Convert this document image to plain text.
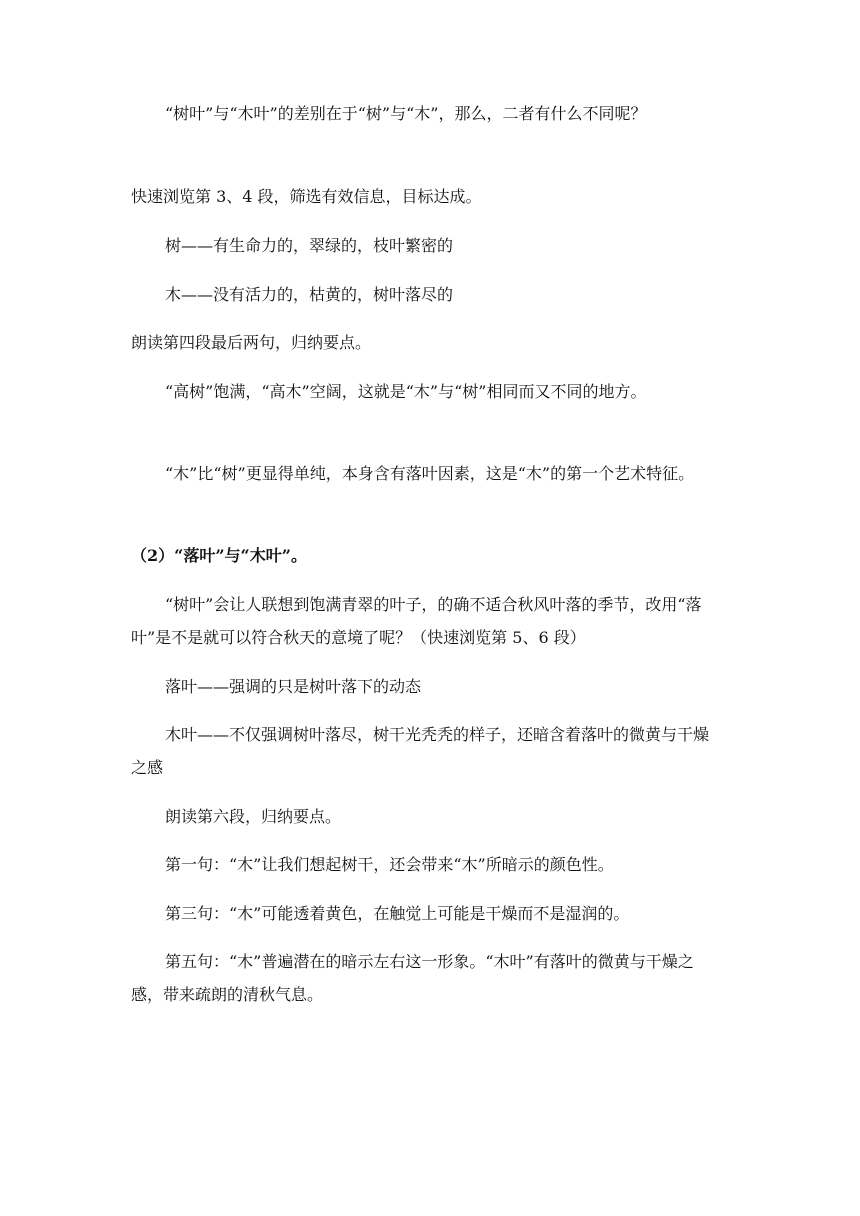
“树叶”与“木叶”的差别在于“树”与“木”，那么，二者有什么不同呢？

快速浏览第 3、4 段，筛选有效信息，目标达成。

树——有生命力的，翠绿的，枝叶繁密的

木——没有活力的，枯黄的，树叶落尽的

朗读第四段最后两句，归纳要点。

“高树”饱满，“高木”空阔，这就是“木”与“树”相同而又不同的地方。

“木”比“树”更显得单纯，本身含有落叶因素，这是“木”的第一个艺术特征。

（2）“落叶”与“木叶”。

“树叶”会让人联想到饱满青翠的叶子，的确不适合秋风叶落的季节，改用“落叶”是不是就可以符合秋天的意境了呢？（快速浏览第 5、6 段）

落叶——强调的只是树叶落下的动态

木叶——不仅强调树叶落尽，树干光秃秃的样子，还暗含着落叶的微黄与干燥之感

朗读第六段，归纳要点。

第一句：“木”让我们想起树干，还会带来“木”所暗示的颜色性。

第三句：“木”可能透着黄色，在触觉上可能是干燥而不是湿润的。

第五句：“木”普遍潜在的暗示左右这一形象。“木叶”有落叶的微黄与干燥之感，带来疏朗的清秋气息。
